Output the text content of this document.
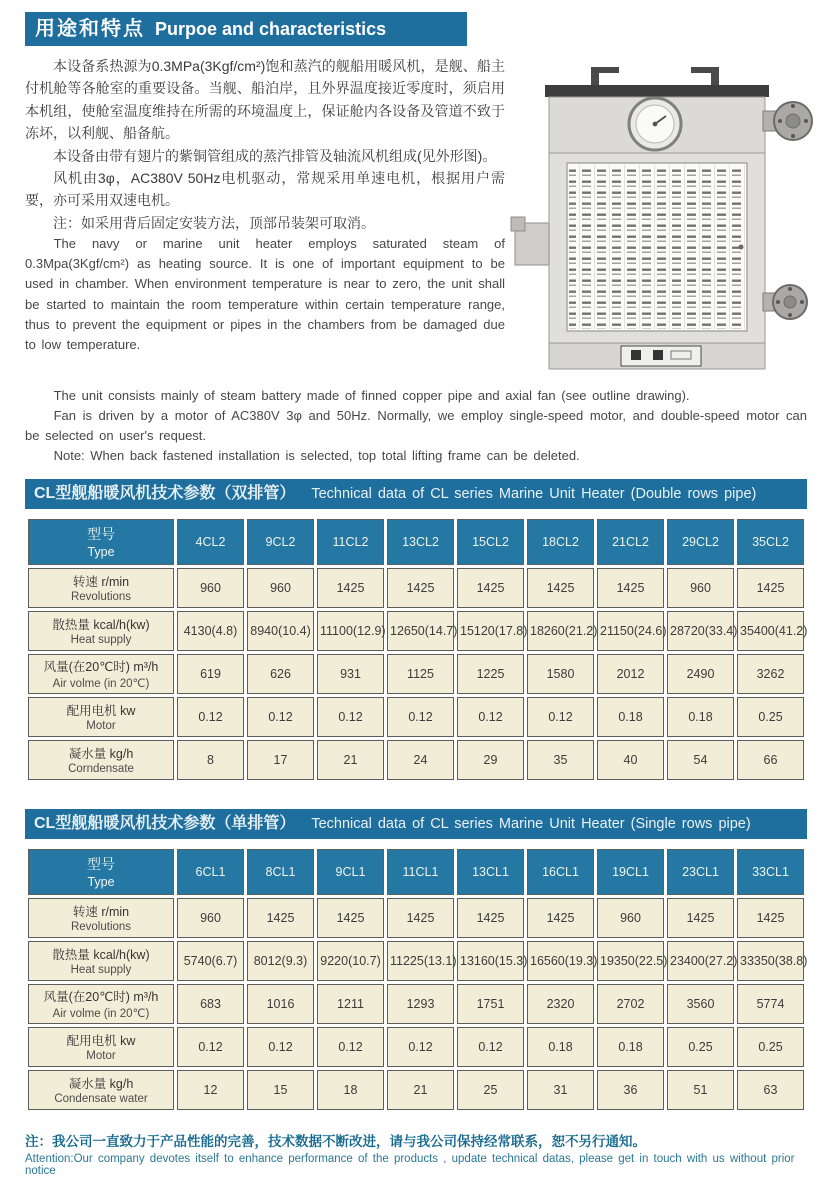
用途和特点 Purpoe and characteristics

本设备系热源为0.3MPa(3Kgf/cm²)饱和蒸汽的舰船用暖风机，是舰、船主付机舱等各舱室的重要设备。当舰、船泊岸，且外界温度接近零度时，须启用本机组，使舱室温度维持在所需的环境温度上，保证舱内各设备及管道不致于冻坏，以利舰、船备航。

本设备由带有翅片的紫铜管组成的蒸汽排管及轴流风机组成(见外形图)。

风机由3φ，AC380V 50Hz电机驱动，常规采用单速电机，根据用户需要，亦可采用双速电机。

注：如采用背后固定安装方法，顶部吊装架可取消。

The navy or marine unit heater employs saturated steam of 0.3Mpa(3Kgf/cm²) as heating source. It is one of important equipment to be used in chamber. When environment temperature is near to zero, the unit shall be started to maintain the room temperature within certain temperature range, thus to prevent the equipment or pipes in the chambers from be damaged due to low temperature.

The unit consists mainly of steam battery made of finned copper pipe and axial fan (see outline drawing).

Fan is driven by a motor of AC380V 3φ and 50Hz. Normally, we employ single-speed motor, and double-speed motor can be selected on user's request.

Note: When back fastened installation is selected, top total lifting frame can be deleted.

CL型舰船暖风机技术参数（双排管） Technical data of CL series Marine Unit Heater (Double rows pipe)
型号
Type	4CL2	9CL2	11CL2	13CL2	15CL2	18CL2	21CL2	29CL2	35CL2

转速 r/min
Revolutions	960	960	1425	1425	1425	1425	1425	960	1425

散热量 kcal/h(kw)
Heat supply	4130(4.8)	8940(10.4)	11100(12.9)	12650(14.7)	15120(17.8)	18260(21.2)	21150(24.6)	28720(33.4)	35400(41.2)

风量(在20℃时) m³/h
Air volme (in 20℃)	619	626	931	1125	1225	1580	2012	2490	3262

配用电机 kw
Motor	0.12	0.12	0.12	0.12	0.12	0.12	0.18	0.18	0.25

凝水量 kg/h
Corndensate	8	17	21	24	29	35	40	54	66
CL型舰船暖风机技术参数（单排管） Technical data of CL series Marine Unit Heater (Single rows pipe)
型号
Type	6CL1	8CL1	9CL1	11CL1	13CL1	16CL1	19CL1	23CL1	33CL1

转速 r/min
Revolutions	960	1425	1425	1425	1425	1425	960	1425	1425

散热量 kcal/h(kw)
Heat supply	5740(6.7)	8012(9.3)	9220(10.7)	11225(13.1)	13160(15.3)	16560(19.3)	19350(22.5)	23400(27.2)	33350(38.8)

风量(在20℃时) m³/h
Air volme (in 20℃)	683	1016	1211	1293	1751	2320	2702	3560	5774

配用电机 kw
Motor	0.12	0.12	0.12	0.12	0.12	0.18	0.18	0.25	0.25

凝水量 kg/h
Condensate water	12	15	18	21	25	31	36	51	63
注：我公司一直致力于产品性能的完善，技术数据不断改进，请与我公司保持经常联系，恕不另行通知。
Attention:Our company devotes itself to enhance performance of the products , update technical datas, please get in touch with us without prior notice
